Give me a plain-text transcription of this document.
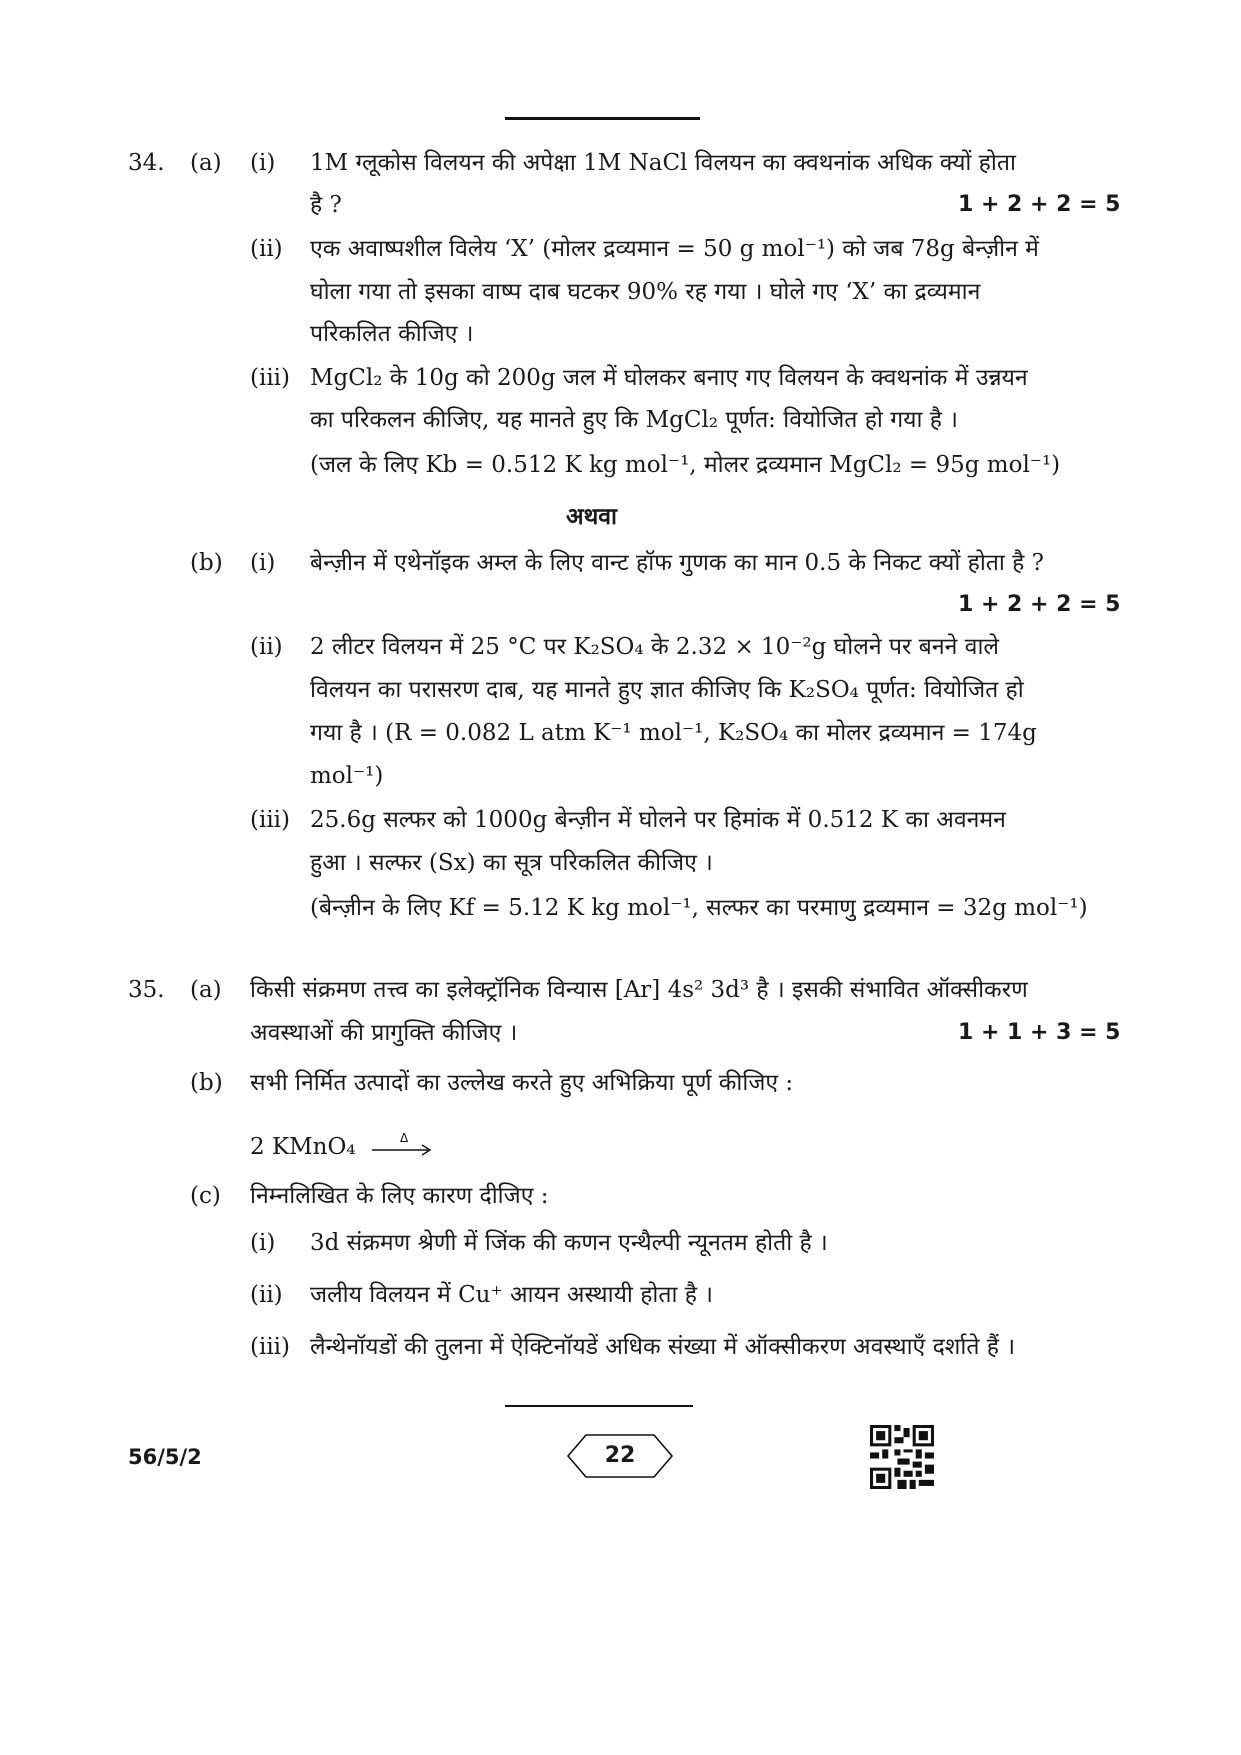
34. (a) (i) 1M ग्लूकोस विलयन की अपेक्षा 1M NaCl विलयन का क्वथनांक अधिक क्यों होता
है ?	1 + 2 + 2 = 5
(ii) एक अवाष्पशील विलेय ‘X’ (मोलर द्रव्यमान = 50 g mol⁻¹) को जब 78g बेन्ज़ीन में
घोला गया तो इसका वाष्प दाब घटकर 90% रह गया । घोले गए ‘X’ का द्रव्यमान
परिकलित कीजिए ।
(iii) MgCl₂ के 10g को 200g जल में घोलकर बनाए गए विलयन के क्वथनांक में उन्नयन
का परिकलन कीजिए, यह मानते हुए कि MgCl₂ पूर्णत: वियोजित हो गया है ।
(जल के लिए Kb = 0.512 K kg mol⁻¹, मोलर द्रव्यमान MgCl₂ = 95g mol⁻¹)
अथवा
(b) (i) बेन्ज़ीन में एथेनॉइक अम्ल के लिए वान्ट हॉफ गुणक का मान 0.5 के निकट क्यों होता है ?
1 + 2 + 2 = 5
(ii) 2 लीटर विलयन में 25 °C पर K₂SO₄ के 2.32 × 10⁻²g घोलने पर बनने वाले
विलयन का परासरण दाब, यह मानते हुए ज्ञात कीजिए कि K₂SO₄ पूर्णत: वियोजित हो
गया है । (R = 0.082 L atm K⁻¹ mol⁻¹, K₂SO₄ का मोलर द्रव्यमान = 174g
mol⁻¹)
(iii) 25.6g सल्फर को 1000g बेन्ज़ीन में घोलने पर हिमांक में 0.512 K का अवनमन
हुआ । सल्फर (Sx) का सूत्र परिकलित कीजिए ।
(बेन्ज़ीन के लिए Kf = 5.12 K kg mol⁻¹, सल्फर का परमाणु द्रव्यमान = 32g mol⁻¹)
35. (a) किसी संक्रमण तत्त्व का इलेक्ट्रॉनिक विन्यास [Ar] 4s² 3d³ है । इसकी संभावित ऑक्सीकरण
अवस्थाओं की प्रागुक्ति कीजिए ।	1 + 1 + 3 = 5
(b) सभी निर्मित उत्पादों का उल्लेख करते हुए अभिक्रिया पूर्ण कीजिए :
2 KMnO₄	Δ
(c) निम्नलिखित के लिए कारण दीजिए :
(i) 3d संक्रमण श्रेणी में जिंक की कणन एन्थैल्पी न्यूनतम होती है ।
(ii) जलीय विलयन में Cu⁺ आयन अस्थायी होता है ।
(iii) लैन्थेनॉयडों की तुलना में ऐक्टिनॉयडें अधिक संख्या में ऑक्सीकरण अवस्थाएँ दर्शाते हैं ।
56/5/2	22
